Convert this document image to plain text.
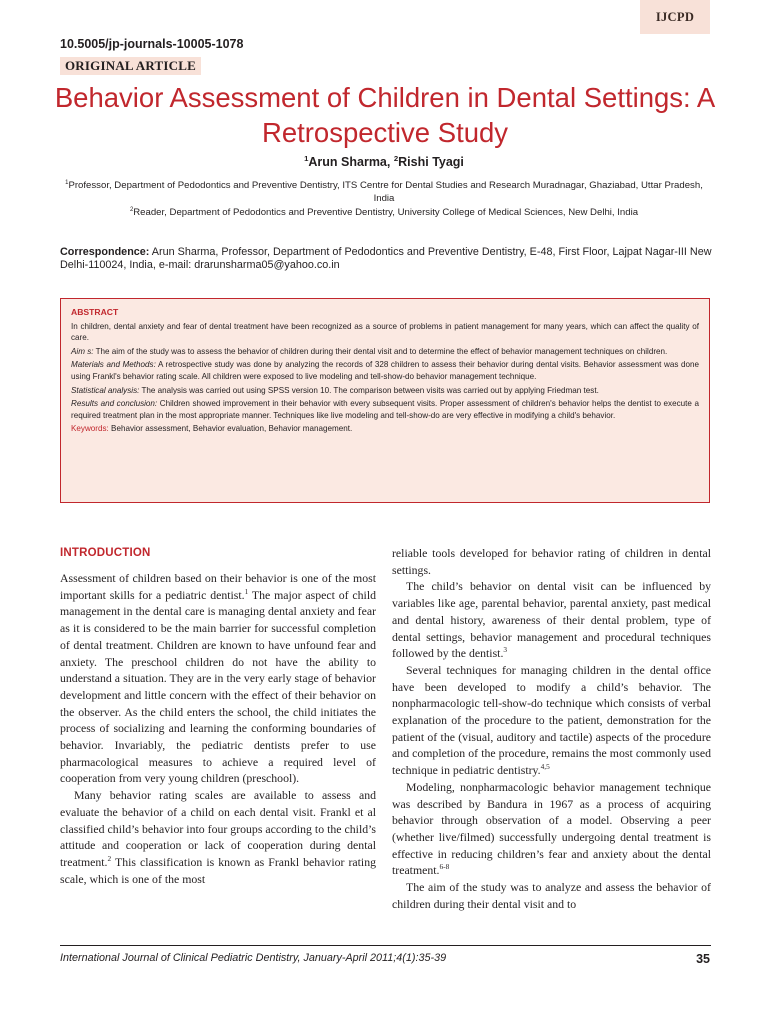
IJCPD
10.5005/jp-journals-10005-1078
ORIGINAL ARTICLE
Behavior Assessment of Children in Dental Settings: A Retrospective Study
$^1$Arun Sharma, $^2$Rishi Tyagi
$^1$Professor, Department of Pedodontics and Preventive Dentistry, ITS Centre for Dental Studies and Research Muradnagar, Ghaziabad, Uttar Pradesh, India
$^2$Reader, Department of Pedodontics and Preventive Dentistry, University College of Medical Sciences, New Delhi, India
Correspondence: Arun Sharma, Professor, Department of Pedodontics and Preventive Dentistry, E-48, First Floor, Lajpat Nagar-III New Delhi-110024, India, e-mail: drarunsharma05@yahoo.co.in
ABSTRACT

In children, dental anxiety and fear of dental treatment have been recognized as a source of problems in patient management for many years, which can affect the quality of care.

Aim s: The aim of the study was to assess the behavior of children during their dental visit and to determine the effect of behavior management techniques on children.

Materials and Methods: A retrospective study was done by analyzing the records of 328 children to assess their behavior during dental visits. Behavior assessment was done using Frankl's behavior rating scale. All children were exposed to live modeling and tell-show-do behavior management technique.

Statistical analysis: The analysis was carried out using SPSS version 10. The comparison between visits was carried out by applying Friedman test.

Results and conclusion: Children showed improvement in their behavior with every subsequent visits. Proper assessment of children's behavior helps the dentist to execute a required treatment plan in the most appropriate manner. Techniques like live modeling and tell-show-do are very effective in modifying a child's behavior.

Keywords: Behavior assessment, Behavior evaluation, Behavior management.

INTRODUCTION

Assessment of children based on their behavior is one of the most important skills for a pediatric dentist.$^1$ The major aspect of child management in the dental care is managing dental anxiety and fear as it is considered to be the main barrier for successful completion of dental treatment. Children are known to have unfound fear and anxiety. The preschool children do not have the ability to understand a situation. They are in the very early stage of behavior development and little concern with the effect of their behavior on the observer. As the child enters the school, the child initiates the process of socializing and learning the conforming boundaries of behavior. Invariably, the pediatric dentists prefer to use pharmacological measures to achieve a required level of cooperation from very young children (preschool).

Many behavior rating scales are available to assess and evaluate the behavior of a child on each dental visit. Frankl et al classified child’s behavior into four groups according to the child’s attitude and cooperation or lack of cooperation during dental treatment.$^2$ This classification is known as Frankl behavior rating scale, which is one of the most

reliable tools developed for behavior rating of children in dental settings.

The child’s behavior on dental visit can be influenced by variables like age, parental behavior, parental anxiety, past medical and dental history, awareness of their dental problem, type of dental settings, behavior management and procedural techniques followed by the dentist.$^3$

Several techniques for managing children in the dental office have been developed to modify a child’s behavior. The nonpharmacologic tell-show-do technique which consists of verbal explanation of the procedure to the patient, demonstration for the patient of the (visual, auditory and tactile) aspects of the procedure and completion of the procedure, remains the most commonly used technique in pediatric dentistry.$^{4,5}$

Modeling, nonpharmacologic behavior management technique was described by Bandura in 1967 as a process of acquiring behavior through observation of a model. Observing a peer (whether live/filmed) successfully undergoing dental treatment is effective in reducing children’s fear and anxiety about the dental treatment.$^{6-8}$

The aim of the study was to analyze and assess the behavior of children during their dental visit and to

International Journal of Clinical Pediatric Dentistry, January-April 2011;4(1):35-39	35
